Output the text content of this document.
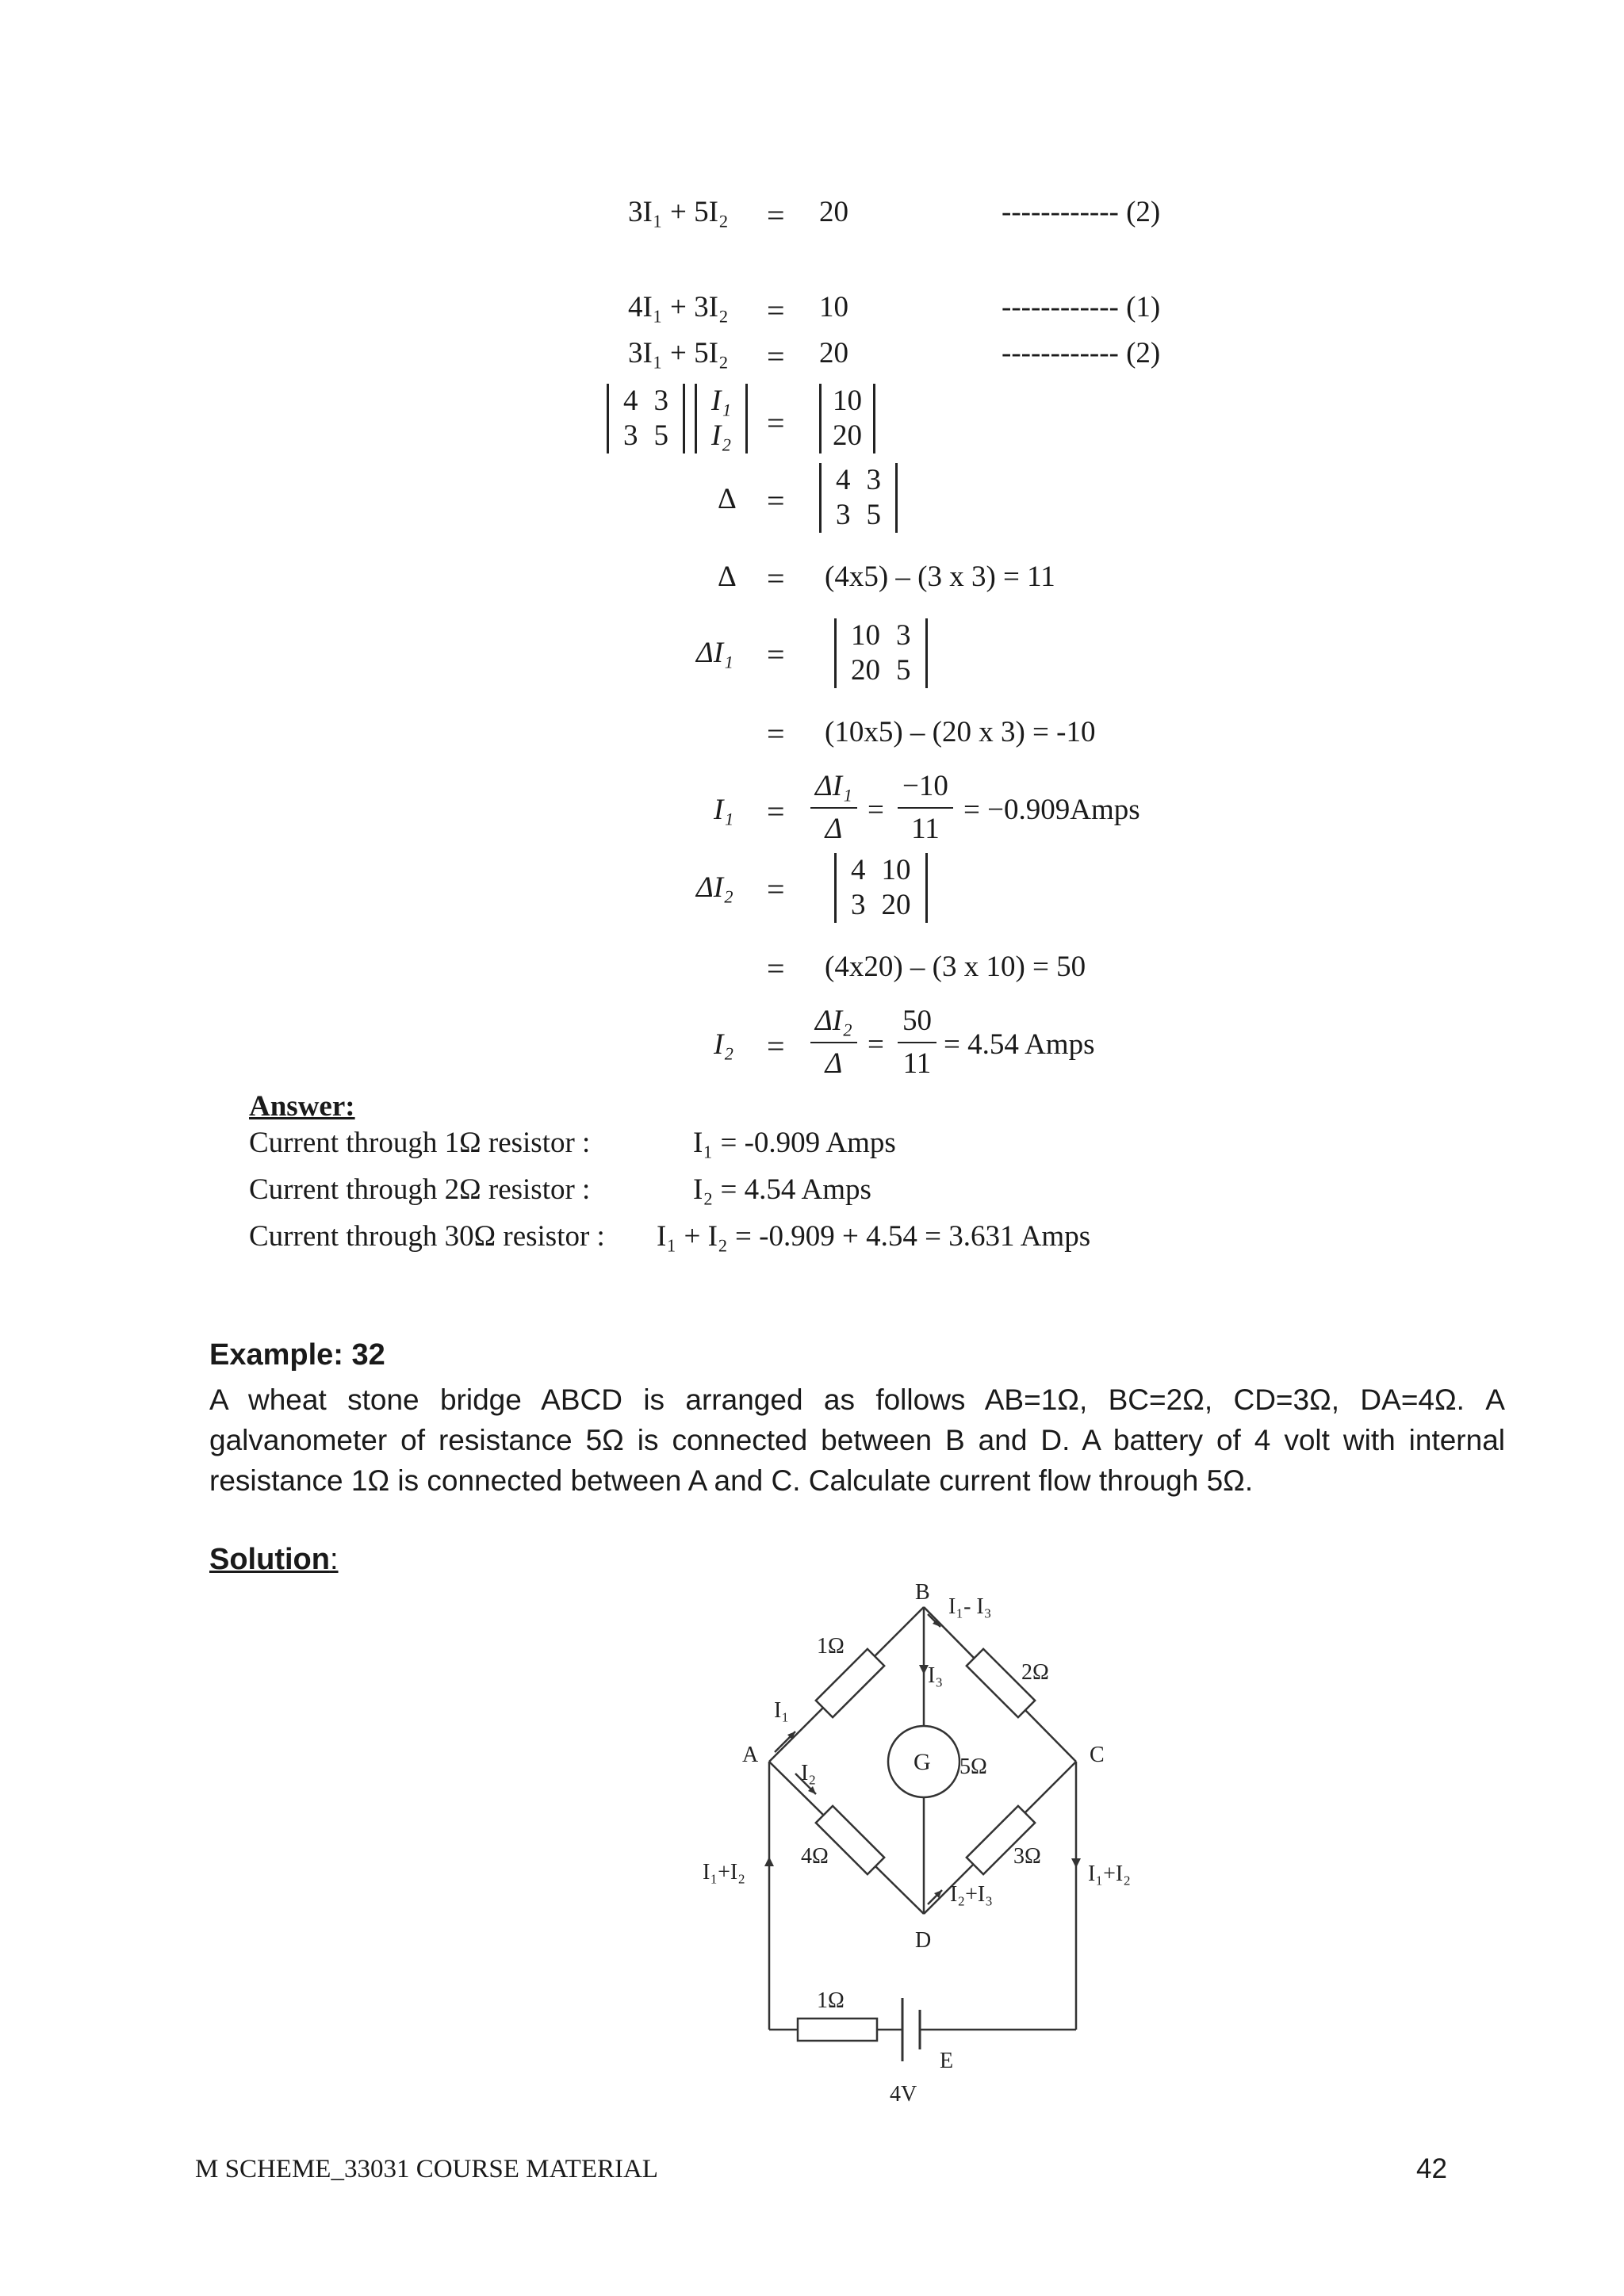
3I₁ + 5I₂ = 20	------------ (2)
4I₁ + 3I₂ = 10	------------ (1)
3I₁ + 5I₂ = 20	------------ (2)
4	3
3	5
I₁
I₂ =
10
20
Δ =
4	3
3	5
Δ = (4x5) – (3 x 3) = 11
ΔI₁ =
10	3
20	5
= (10x5) – (20 x 3) = -10
$I_1 = \frac{\text{ΔI₁}}{\Delta} = \frac{-10}{11}$ = −0.909Amps
ΔI₂ =
4	10
3	20
= (4x20) – (3 x 10) = 50
$I_2 = \frac{\text{ΔI₂}}{\Delta} = \frac{50}{11} = 4.54$ Amps
Answer:
Current through 1Ω resistor :	I₁ = -0.909 Amps
Current through 2Ω resistor :	I₂ = 4.54 Amps
Current through 30Ω resistor : I₁ + I₂ = -0.909 + 4.54 = 3.631 Amps
Example: 32
A wheat stone bridge ABCD is arranged as follows AB=1Ω, BC=2Ω, CD=3Ω, DA=4Ω. A galvanometer of resistance 5Ω is connected between B and D. A battery of 4 volt with internal resistance 1Ω is connected between A and C. Calculate current flow through 5Ω.
Solution:
B
A	C
D
E
1Ω
2Ω
3Ω
4Ω
5Ω
1Ω
G
4V
I₁
I₂
I₃
I₁- I₃
I₂+I₃
I₁+I₂	I₁+I₂
M SCHEME_33031 COURSE MATERIAL	42
